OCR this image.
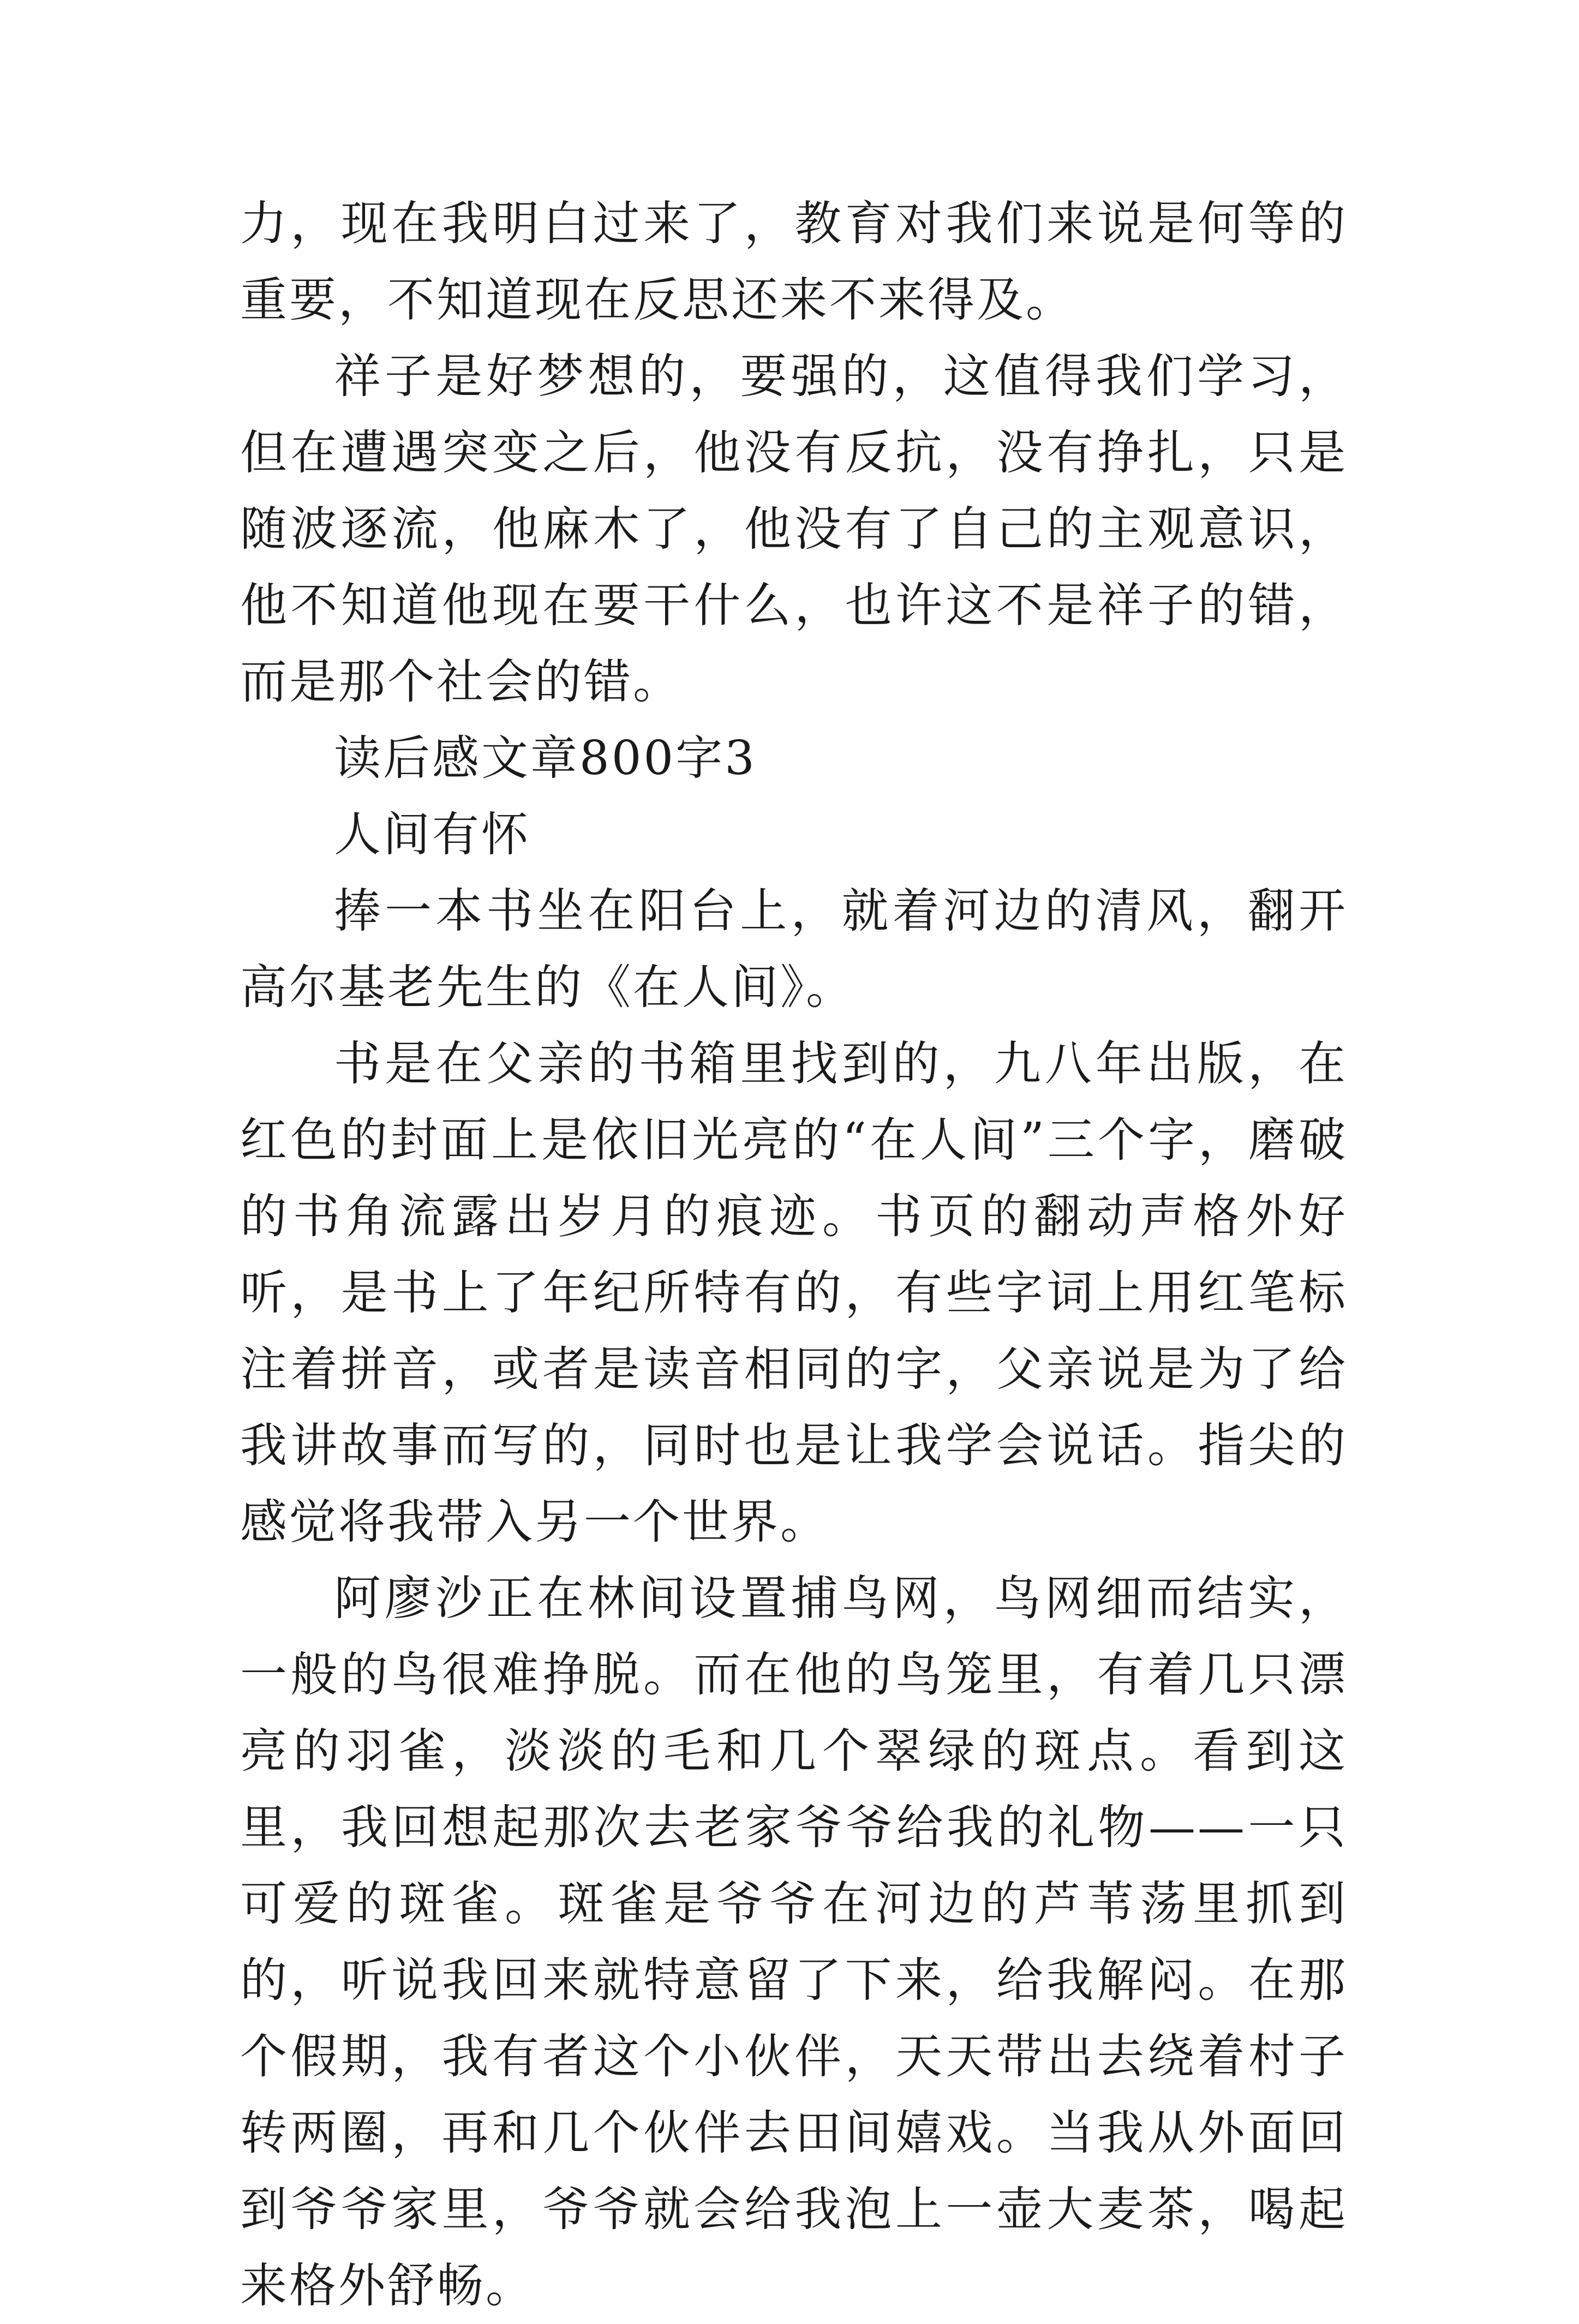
力，现在我明白过来了，教育对我们来说是何等的重要，不知道现在反思还来不来得及。

祥子是好梦想的，要强的，这值得我们学习，但在遭遇突变之后，他没有反抗，没有挣扎，只是随波逐流，他麻木了，他没有了自己的主观意识，他不知道他现在要干什么，也许这不是祥子的错，而是那个社会的错。

读后感文章800字3

人间有怀

捧一本书坐在阳台上，就着河边的清风，翻开高尔基老先生的《在人间》。

书是在父亲的书箱里找到的，九八年出版，在红色的封面上是依旧光亮的“在人间”三个字，磨破的书角流露出岁月的痕迹。书页的翻动声格外好听，是书上了年纪所特有的，有些字词上用红笔标注着拼音，或者是读音相同的字，父亲说是为了给我讲故事而写的，同时也是让我学会说话。指尖的感觉将我带入另一个世界。

阿廖沙正在林间设置捕鸟网，鸟网细而结实，一般的鸟很难挣脱。而在他的鸟笼里，有着几只漂亮的羽雀，淡淡的毛和几个翠绿的斑点。看到这里，我回想起那次去老家爷爷给我的礼物——一只可爱的斑雀。斑雀是爷爷在河边的芦苇荡里抓到的，听说我回来就特意留了下来，给我解闷。在那个假期，我有者这个小伙伴，天天带出去绕着村子转两圈，再和几个伙伴去田间嬉戏。当我从外面回到爷爷家里，爷爷就会给我泡上一壶大麦茶，喝起来格外舒畅。
